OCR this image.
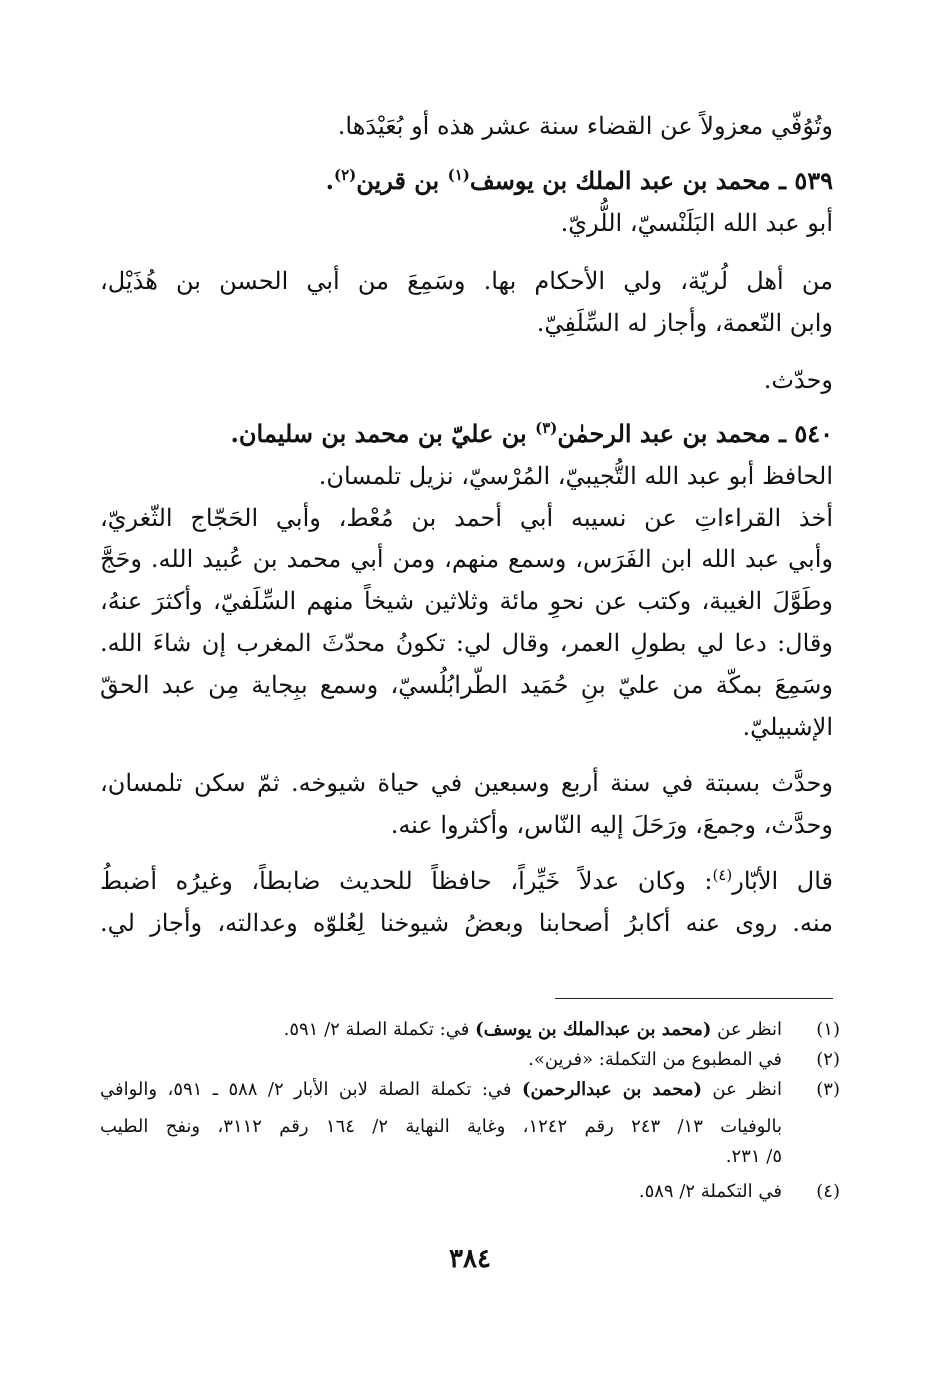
وتُوُفّي معزولاً عن القضاء سنة عشر هذه أو بُعَيْدَها.
٥٣٩ ـ محمد بن عبد الملك بن يوسف$^{(١)}$ بن قرين$^{(٢)}$.
أبو عبد الله البَلَنْسيّ، اللُّريّ.
من أهل لُريّة، ولي الأحكام بها. وسَمِعَ من أبي الحسن بن هُذَيْل،
وابن النّعمة، وأجاز له السِّلَفِيّ.
وحدّث.
٥٤٠ ـ محمد بن عبد الرحمٰن$^{(٣)}$ بن عليّ بن محمد بن سليمان.
الحافظ أبو عبد الله التُّجيبيّ، المُرْسيّ، نزيل تلمسان.
أخذ القراءاتِ عن نسيبه أبي أحمد بن مُعْط، وأبي الحَجّاج الثّغريّ،
وأبي عبد الله ابن الفَرَس، وسمع منهم، ومن أبي محمد بن عُبيد الله. وحَجَّ
وطَوَّلَ الغيبة، وكتب عن نحوِ مائة وثلاثين شيخاً منهم السِّلَفيّ، وأكثرَ عنهُ،
وقال: دعا لي بطولِ العمر، وقال لي: تكونُ محدّثَ المغرب إن شاءَ الله.
وسَمِعَ بمكّة من عليّ بنِ حُمَيد الطّرابُلُسيّ، وسمع ببِجاية مِن عبد الحقّ
الإشبيليّ.
وحدَّث بسبتة في سنة أربع وسبعين في حياة شيوخه. ثمّ سكن تلمسان،
وحدَّث، وجمعَ، ورَحَلَ إليه النّاس، وأكثروا عنه.
قال الأبّار$^{(٤)}$: وكان عدلاً خَيِّراً، حافظاً للحديث ضابطاً، وغيرُه أضبطُ
منه. روى عنه أكابرُ أصحابنا وبعضُ شيوخنا لِعُلوّه وعدالته، وأجاز لي.
(١)
انظر عن (محمد بن عبدالملك بن يوسف) في: تكملة الصلة ٢/ ٥٩١.
(٢)
في المطبوع من التكملة: «فرين».
(٣)
انظر عن (محمد بن عبدالرحمن) في: تكملة الصلة لابن الأبار ٢/ ٥٨٨ ـ ٥٩١، والوافي
بالوفيات ١٣/ ٢٤٣ رقم ١٢٤٢، وغاية النهاية ٢/ ١٦٤ رقم ٣١١٢، ونفح الطيب
٥/ ٢٣١.
(٤)
في التكملة ٢/ ٥٨٩.
٣٨٤
